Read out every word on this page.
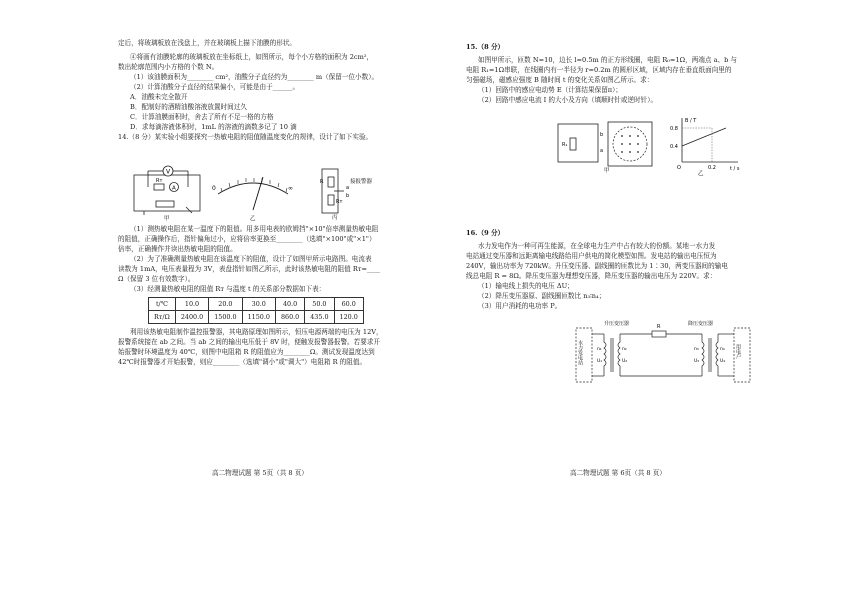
定后，将玻璃板放在浅盘上，并在玻璃板上描下油膜的形状。

④将画有油膜轮廓的玻璃板放在坐标纸上，如图所示，每个小方格的面积为 2cm²，

数出轮廓范围内小方格的个数 N。

（1）该油膜面积为________ cm²，油酸分子直径约为________ m（保留一位小数）。

（2）计算油酸分子直径的结果偏小，可能是由于______。

A．油酸未完全散开

B．配制好的酒精油酸溶液放置时间过久

C．计算油膜面积时，舍去了所有不足一格的方格

D．求每滴溶液体积时，1mL 的溶液的滴数多记了 10 滴

14.（8 分）某实验小组要探究一热敏电阻的阻值随温度变化的规律，设计了如下实验。

V
A
Rт
甲
0	∞
乙
R
Rт
a
b
接报警器
丙

（1）测热敏电阻在某一温度下的阻值。用多用电表的欧姆挡"×10"倍率测量热敏电阻

的阻值，正确操作后，指针偏角过小，应将倍率更换至________（选填"×100"或"×1"）

倍率，正确操作并读出热敏电阻的阻值。

（2）为了准确测量热敏电阻在该温度下的阻值，设计了如图甲所示电路图。电流表

读数为 1mA，电压表量程为 3V，表盘指针如图乙所示，此时该热敏电阻的阻值 Rт=____

Ω（保留 3 位有效数字）。

（3）经测量热敏电阻的阻值 Rт 与温度 t 的关系部分数据如下表：

t/℃	10.0	20.0	30.0	40.0	50.0	60.0
Rт/Ω	2400.0	1500.0	1150.0	860.0	435.0	120.0

利用该热敏电阻制作温控报警器，其电路原理如图所示，恒压电源两端的电压为 12V，

报警系统接在 ab 之间。当 ab 之间的输出电压低于 8V 时，便触发报警器报警。若要求开

始报警时环境温度为 40℃，则图中电阻箱 R 的阻值应为________Ω。测试发现温度达到

42℃时报警器才开始报警，则应________（选填"调小"或"调大"）电阻箱 R 的阻值。

高二物理试题 第 5页（共 8 页）

15.（8 分）

如图甲所示，匝数 N=10，边长 l=0.5m 的正方形线圈，电阻 R₀=1Ω，两端点 a、b 与

电阻 R₁=1Ω串联，在线圈内有一半径为 r=0.2m 的圆形区域，区域内存在垂直纸面向里的

匀强磁场，磁感应强度 B 随时间 t 的变化关系如图乙所示。求：

（1）回路中的感应电动势 E（计算结果保留π）；

（2）回路中感应电流 I 的大小及方向（填顺时针或逆时针）。

R₁
b
a
甲
B / T
t / s
0.8
0.4
0.2
O
乙

16.（9 分）

水力发电作为一种可再生能源，在全球电力生产中占有较大的份额。某地一水力发

电站通过变压器和远距离输电线路给用户供电的简化模型如图。发电站的输出电压恒为

240V，输出功率为 720kW。升压变压器、副线圈的匝数比为 1∶30，两变压器间的输电

线总电阻 R = 8Ω。降压变压器为理想变压器，降压变压器的输出电压为 220V。求：

（1）输电线上损失的电压 ΔU；

（2）降压变压器原、副线圈匝数比 n₃∶n₄；

（3）用户消耗的电功率 P。

水力发电站	用电户
升压变压器	降压变压器
R
n₁
U₁
n₂
U₂
n₃
U₃
n₄
U₄
高二物理试题 第 6页（共 8 页）
